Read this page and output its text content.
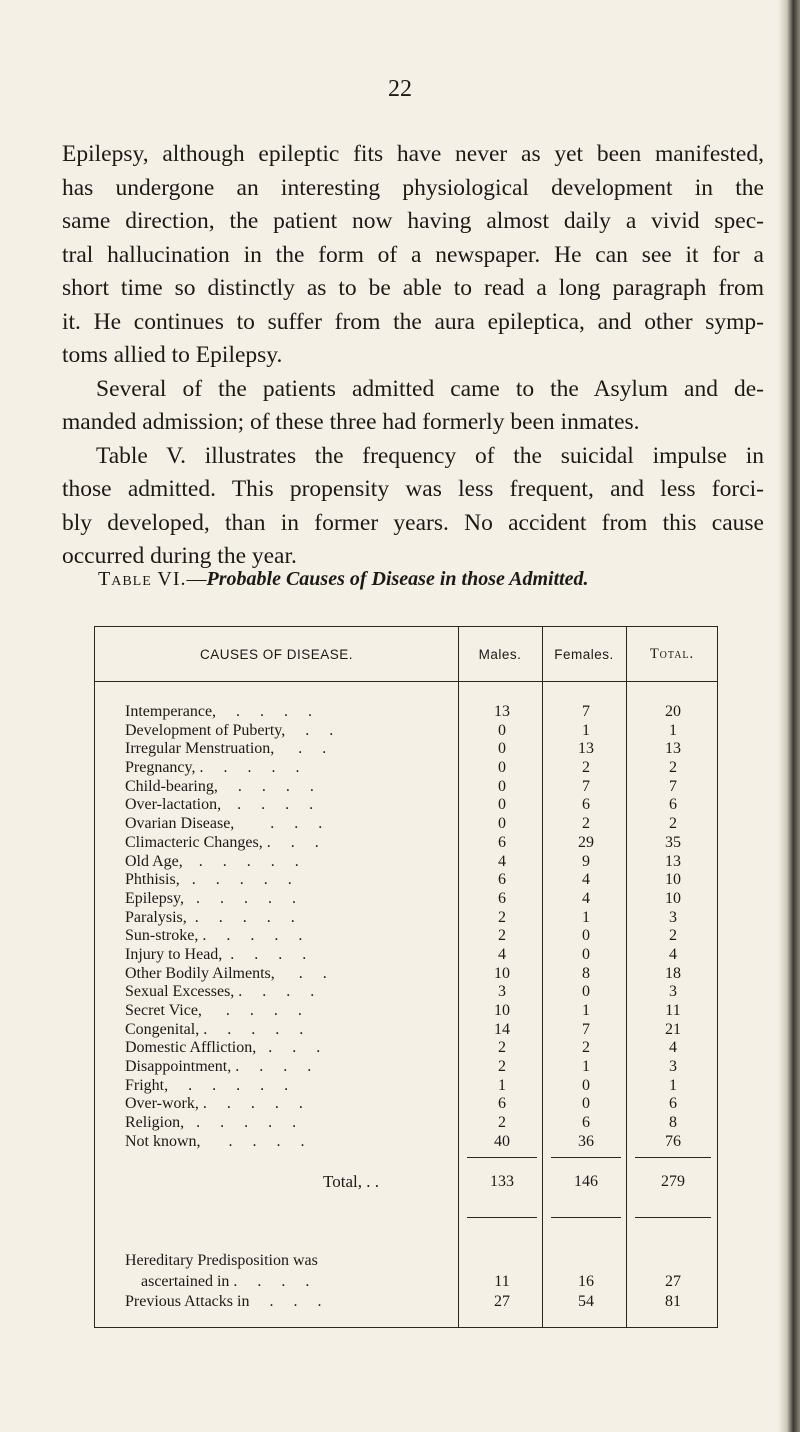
22

Epilepsy, although epileptic fits have never as yet been manifested,

has undergone an interesting physiological development in the

same direction, the patient now having almost daily a vivid spec-

tral hallucination in the form of a newspaper. He can see it for a

short time so distinctly as to be able to read a long paragraph from

it. He continues to suffer from the aura epileptica, and other symp-

toms allied to Epilepsy.

Several of the patients admitted came to the Asylum and de-

manded admission; of these three had formerly been inmates.

Table V. illustrates the frequency of the suicidal impulse in

those admitted. This propensity was less frequent, and less forci-

bly developed, than in former years. No accident from this cause

occurred during the year.

Table VI.—Probable Causes of Disease in those Admitted.
CAUSES OF DISEASE.	Males.	Females.	Total.
Intemperance,     .     .     .     .	13	7	20
Development of Puberty,     .     .	0	1	1
Irregular Menstruation,      .     .	0	13	13
Pregnancy, .     .     .     .     .	0	2	2
Child-bearing,     .     .     .     .	0	7	7
Over-lactation,    .     .     .     .	0	6	6
Ovarian Disease,         .     .     .	0	2	2
Climacteric Changes, .     .     .	6	29	35
Old Age,    .     .     .     .     .	4	9	13
Phthisis,   .     .     .     .     .	6	4	10
Epilepsy,   .     .     .     .     .	6	4	10
Paralysis,  .     .     .     .     .	2	1	3
Sun-stroke, .     .     .     .     .	2	0	2
Injury to Head,  .     .     .     .	4	0	4
Other Bodily Ailments,      .     .	10	8	18
Sexual Excesses, .     .     .     .	3	0	3
Secret Vice,      .     .     .     .	10	1	11
Congenital, .     .     .     .     .	14	7	21
Domestic Affliction,   .     .     .	2	2	4
Disappointment, .     .     .     .	2	1	3
Fright,     .     .     .     .     .	1	0	1
Over-work, .     .     .     .     .	6	0	6
Religion,   .     .     .     .     .	2	6	8
Not known,       .     .     .     .	40	36	76
Total, . .	133	146	279
Hereditary Predisposition was
ascertained in .     .     .     .	11	16	27
Previous Attacks in     .     .     .	27	54	81
